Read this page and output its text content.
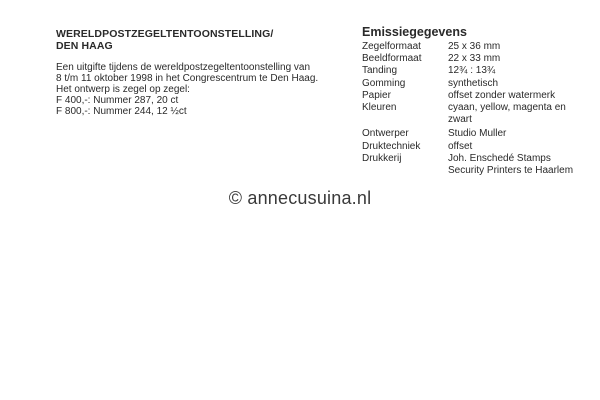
WERELDPOSTZEGELTENTOONSTELLING/
DEN HAAG
Een uitgifte tijdens de wereldpostzegeltentoonstelling van
8 t/m 11 oktober 1998 in het Congrescentrum te Den Haag.
Het ontwerp is zegel op zegel:
F 400,-: Nummer 287, 20 ct
F 800,-: Nummer 244, 12 ½ct
Emissiegegevens
Zegelformaat	25 x 36 mm
Beeldformaat	22 x 33 mm
Tanding	12¾ : 13¾
Gomming	synthetisch
Papier	offset zonder watermerk
Kleuren	cyaan, yellow, magenta en
zwart
Ontwerper	Studio Muller
Druktechniek	offset
Drukkerij	Joh. Enschedé Stamps
Security Printers te Haarlem
© annecusuina.nl
